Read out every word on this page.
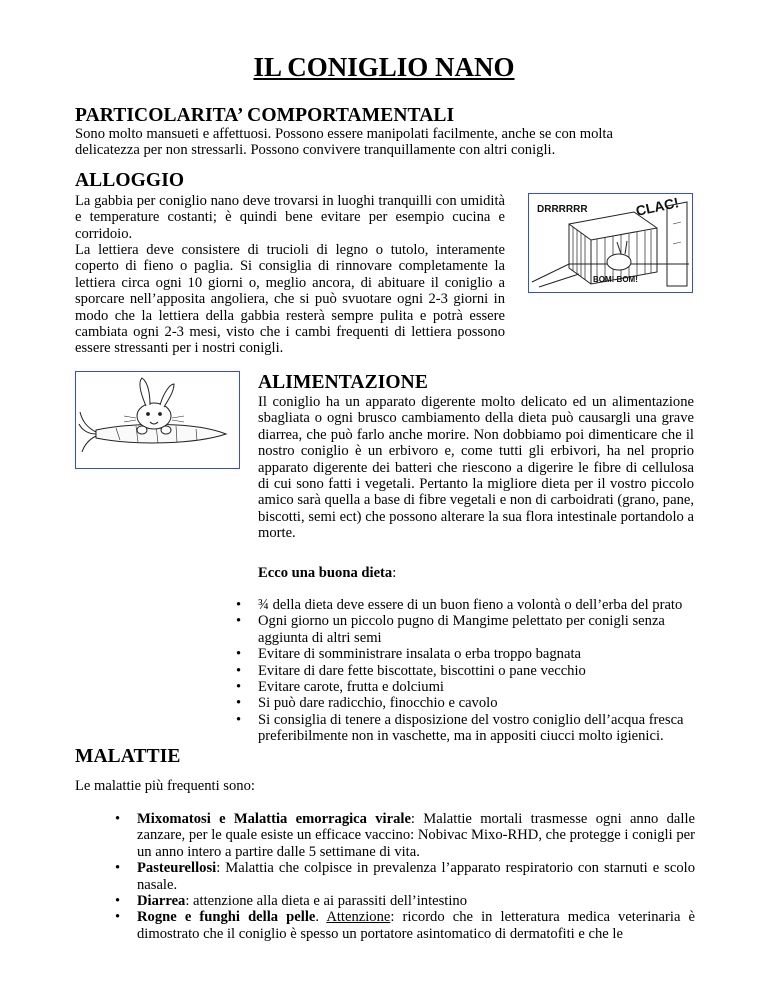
IL CONIGLIO NANO
PARTICOLARITA’ COMPORTAMENTALI

Sono molto mansueti e affettuosi. Possono essere manipolati facilmente, anche se con molta delicatezza per non stressarli. Possono convivere tranquillamente con altri conigli.

ALLOGGIO

La gabbia per coniglio nano deve trovarsi in luoghi tranquilli con umidità e temperature costanti; è quindi bene evitare per esempio cucina e corridoio.

La lettiera deve consistere di trucioli di legno o tutolo, interamente coperto di fieno o paglia. Si consiglia di rinnovare completamente la lettiera circa ogni 10 giorni o, meglio ancora, di abituare il coniglio a sporcare nell’apposita angoliera, che si può svuotare ogni 2-3 giorni in modo che la lettiera della gabbia resterà sempre pulita e potrà essere cambiata ogni 2-3 mesi, visto che i cambi frequenti di lettiera possono essere stressanti per i nostri conigli.

DRRRRRR	CLAC!
BOM! BOM!
ALIMENTAZIONE

Il coniglio ha un apparato digerente molto delicato ed un alimentazione sbagliata o ogni brusco cambiamento della dieta può causargli una grave diarrea, che può farlo anche morire. Non dobbiamo poi dimenticare che il nostro coniglio è un erbivoro e, come tutti gli erbivori, ha nel proprio apparato digerente dei batteri che riescono a digerire le fibre di cellulosa di cui sono fatti i vegetali. Pertanto la migliore dieta per il vostro piccolo amico sarà quella a base di fibre vegetali e non di carboidrati (grano, pane, biscotti, semi ect) che possono alterare la sua flora intestinale portandolo a morte.

Ecco una buona dieta:

• ¾ della dieta deve essere di un buon fieno a volontà o dell’erba del prato
• Ogni giorno un piccolo pugno di Mangime pelettato per conigli senza aggiunta di altri semi
• Evitare di somministrare insalata o erba troppo bagnata
• Evitare di dare fette biscottate, biscottini o pane vecchio
• Evitare carote, frutta e dolciumi
• Si può dare radicchio, finocchio e cavolo
• Si consiglia di tenere a disposizione del vostro coniglio dell’acqua fresca preferibilmente non in vaschette, ma in appositi ciucci molto igienici.
MALATTIE

Le malattie più frequenti sono:

• Mixomatosi e Malattia emorragica virale: Malattie mortali trasmesse ogni anno dalle zanzare, per le quale esiste un efficace vaccino: Nobivac Mixo-RHD, che protegge i conigli per un anno intero a partire dalle 5 settimane di vita.
• Pasteurellosi: Malattia che colpisce in prevalenza l’apparato respiratorio con starnuti e scolo nasale.
• Diarrea: attenzione alla dieta e ai parassiti dell’intestino
• Rogne e funghi della pelle. Attenzione: ricordo che in letteratura medica veterinaria è dimostrato che il coniglio è spesso un portatore asintomatico di dermatofiti e che le
